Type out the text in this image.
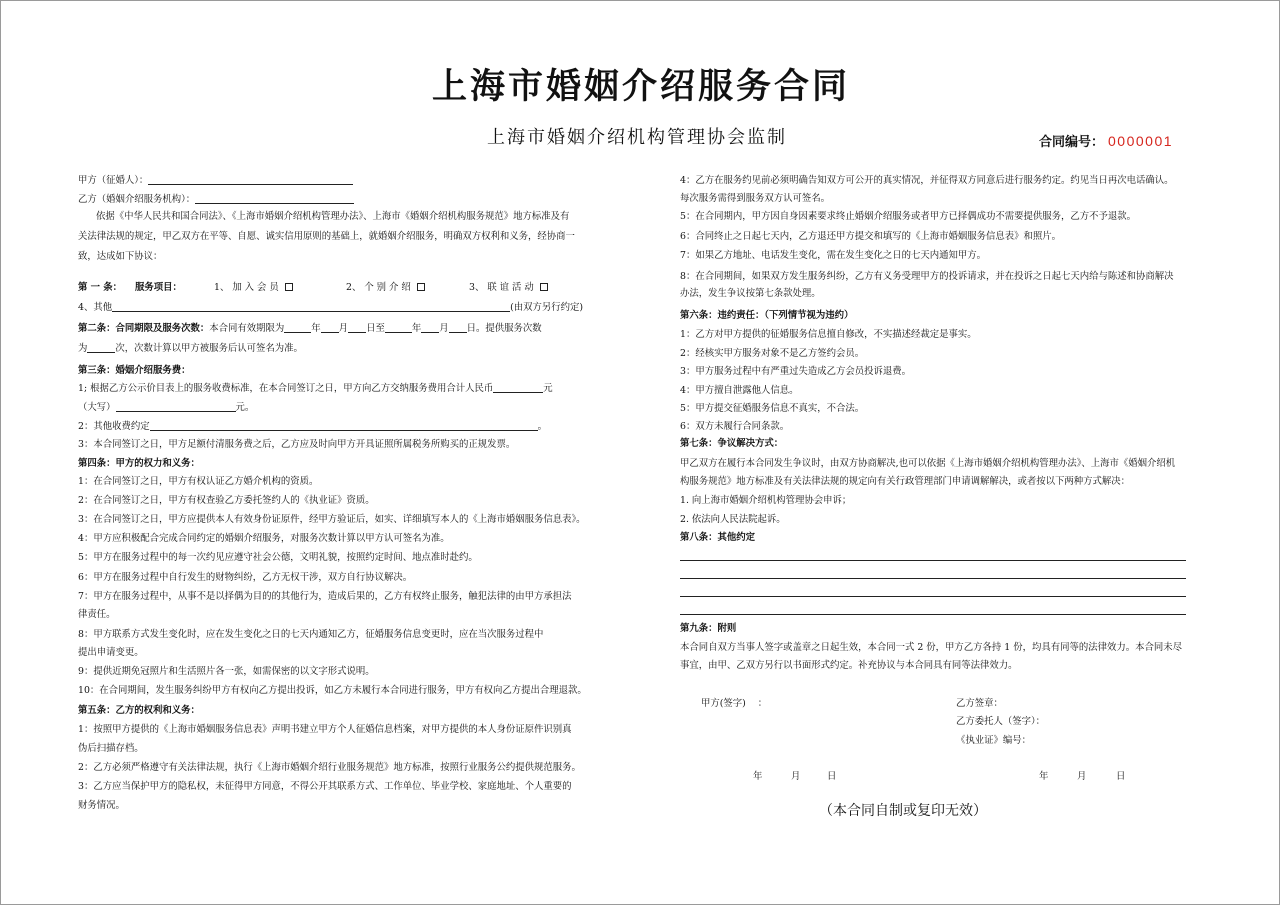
上海市婚姻介绍服务合同
上海市婚姻介绍机构管理协会监制	合同编号： 0000001
甲方（征婚人）：
乙方（婚姻介绍服务机构）：
依据《中华人民共和国合同法》、《上海市婚姻介绍机构管理办法》、上海市《婚姻介绍机构服务规范》地方标准及有
关法律法规的规定，甲乙双方在平等、自愿、诚实信用原则的基础上，就婚姻介绍服务，明确双方权利和义务，经协商一
致，达成如下协议：
第 一 条： 服务项目：	1、 加 入 会 员	2、 个 别 介 绍	3、 联 谊 活 动
4、其他	(由双方另行约定)
第二条：合同期限及服务次数：本合同有效期限为	年 月 日至	年 月 日。提供服务次数
为	次，次数计算以甲方被服务后认可签名为准。
第三条：婚姻介绍服务费：
1; 根据乙方公示价目表上的服务收费标准，在本合同签订之日，甲方向乙方交纳服务费用合计人民币	元
（大写）	元。
2：其他收费约定	。
3：本合同签订之日，甲方足额付清服务费之后，乙方应及时向甲方开具证照所属税务所购买的正规发票。
第四条：甲方的权力和义务：
1：在合同签订之日，甲方有权认证乙方婚介机构的资质。
2：在合同签订之日，甲方有权查验乙方委托签约人的《执业证》资质。
3：在合同签订之日，甲方应提供本人有效身份证原件，经甲方验证后，如实、详细填写本人的《上海市婚姻服务信息表》。
4：甲方应积极配合完成合同约定的婚姻介绍服务，对服务次数计算以甲方认可签名为准。
5：甲方在服务过程中的每一次约见应遵守社会公德，文明礼貌，按照约定时间、地点准时赴约。
6：甲方在服务过程中自行发生的财物纠纷，乙方无权干涉，双方自行协议解决。
7：甲方在服务过程中，从事不是以择偶为目的的其他行为，造成后果的，乙方有权终止服务，触犯法律的由甲方承担法
律责任。
8：甲方联系方式发生变化时，应在发生变化之日的七天内通知乙方，征婚服务信息变更时，应在当次服务过程中
提出申请变更。
9：提供近期免冠照片和生活照片各一张，如需保密的以文字形式说明。
10：在合同期间，发生服务纠纷甲方有权向乙方提出投诉，如乙方未履行本合同进行服务，甲方有权向乙方提出合理退款。
第五条：乙方的权利和义务：
1：按照甲方提供的《上海市婚姻服务信息表》声明书建立甲方个人征婚信息档案，对甲方提供的本人身份证原件识别真
伪后扫描存档。
2：乙方必须严格遵守有关法律法规，执行《上海市婚姻介绍行业服务规范》地方标准，按照行业服务公约提供规范服务。
3：乙方应当保护甲方的隐私权，未征得甲方同意，不得公开其联系方式、工作单位、毕业学校、家庭地址、个人重要的
财务情况。
4：乙方在服务约见前必须明确告知双方可公开的真实情况，并征得双方同意后进行服务约定。约见当日再次电话确认。
每次服务需得到服务双方认可签名。
5：在合同期内，甲方因自身因素要求终止婚姻介绍服务或者甲方已择偶成功不需要提供服务，乙方不予退款。
6：合同终止之日起七天内，乙方退还甲方提交和填写的《上海市婚姻服务信息表》和照片。
7：如果乙方地址、电话发生变化，需在发生变化之日的七天内通知甲方。
8：在合同期间，如果双方发生服务纠纷，乙方有义务受理甲方的投诉请求，并在投诉之日起七天内给与陈述和协商解决
办法，发生争议按第七条款处理。
第六条：违约责任：（下列情节视为违约）
1：乙方对甲方提供的征婚服务信息擅自修改，不实描述经裁定是事实。
2：经核实甲方服务对象不是乙方签约会员。
3：甲方服务过程中有严重过失造成乙方会员投诉退费。
4：甲方擅自泄露他人信息。
5：甲方提交征婚服务信息不真实，不合法。
6：双方未履行合同条款。
第七条：争议解决方式：
甲乙双方在履行本合同发生争议时，由双方协商解决,也可以依据《上海市婚姻介绍机构管理办法》、上海市《婚姻介绍机
构服务规范》地方标准及有关法律法规的规定向有关行政管理部门申请调解解决，或者按以下两种方式解决：
1. 向上海市婚姻介绍机构管理协会申诉；
2. 依法向人民法院起诉。
第八条：其他约定
第九条：附则
本合同自双方当事人签字或盖章之日起生效，本合同一式 2 份，甲方乙方各持 1 份，均具有同等的法律效力。本合同未尽
事宜，由甲、乙双方另行以书面形式约定。补充协议与本合同具有同等法律效力。
甲方(签字)    ：	乙方签章：
乙方委托人（签字）：
《执业证》编号：
年	月	日	年	月	日
（本合同自制或复印无效）
